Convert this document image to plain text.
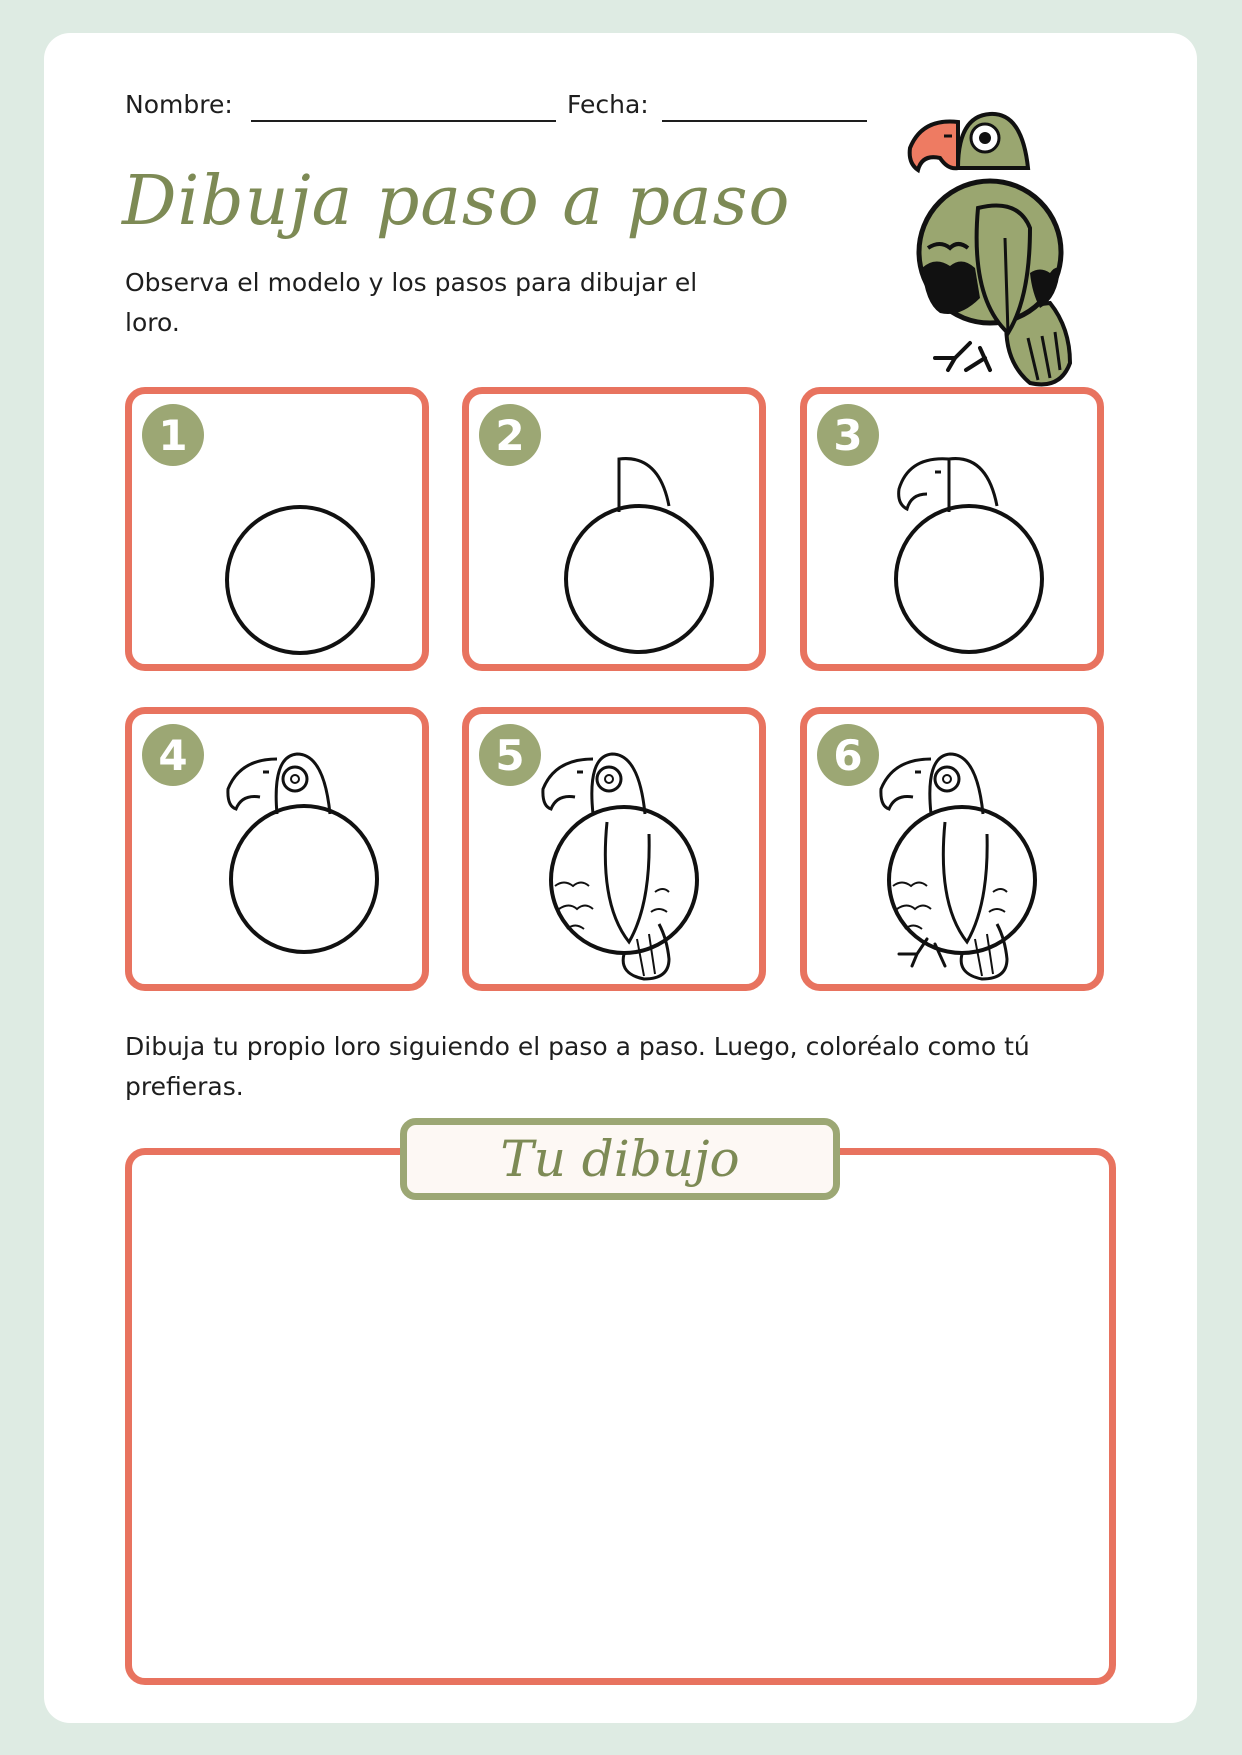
Nombre:	Fecha:
Dibuja paso a paso
Observa el modelo y los pasos para dibujar el loro.
1	2	3
4	5	6
Dibuja tu propio loro siguiendo el paso a paso. Luego, coloréalo como tú prefieras.
Tu dibujo
